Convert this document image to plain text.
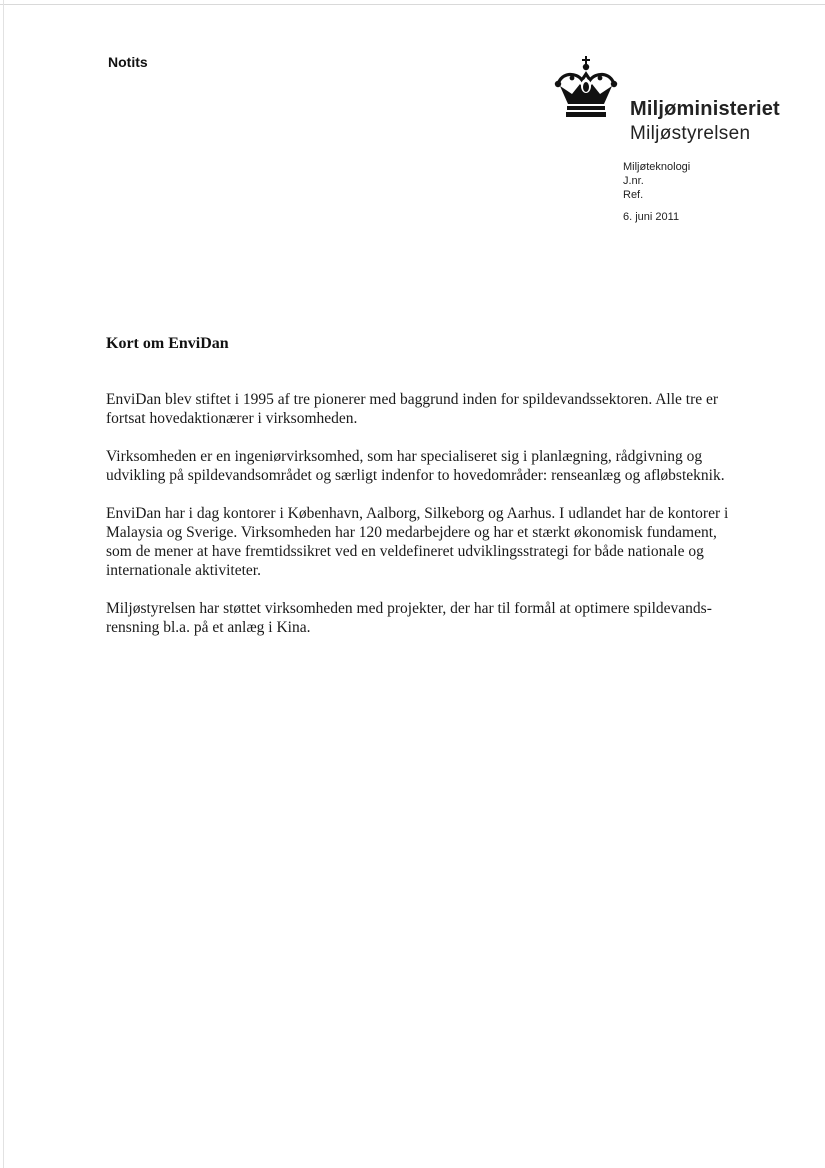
Notits
Miljøministeriet
Miljøstyrelsen
Miljøteknologi
J.nr.
Ref.
6. juni 2011
Kort om EnviDan

EnviDan blev stiftet i 1995 af tre pionerer med baggrund inden for spildevandssektoren. Alle tre er
fortsat hovedaktionærer i virksomheden.

Virksomheden er en ingeniørvirksomhed, som har specialiseret sig i planlægning, rådgivning og
udvikling på spildevandsområdet og særligt indenfor to hovedområder: renseanlæg og afløbsteknik.

EnviDan har i dag kontorer i København, Aalborg, Silkeborg og Aarhus. I udlandet har de kontorer i
Malaysia og Sverige. Virksomheden har 120 medarbejdere og har et stærkt økonomisk fundament,
som de mener at have fremtidssikret ved en veldefineret udviklingsstrategi for både nationale og
internationale aktiviteter.

Miljøstyrelsen har støttet virksomheden med projekter, der har til formål at optimere spildevands-
rensning bl.a. på et anlæg i Kina.
